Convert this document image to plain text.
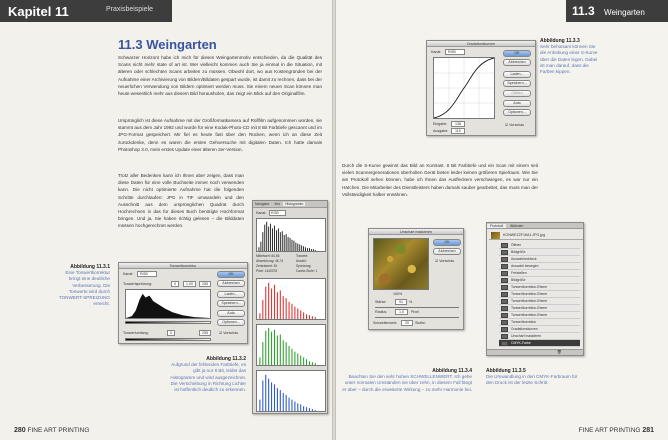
Kapitel 11	Praxisbeispiele
11.3 Weingarten
Schwarzer Horizont habe ich mich für dieses Weingartenmotiv entschieden, da die Qualität des Scans nicht mehr state of art ist. Wer vielleicht kommen auch Sie ja einmal in die Situation, mit älteren oder schlechten Scans arbeiten zu müssen. Obwohl dort, wo aus Kostengründen bei der Aufnahme einer Archivierung von Bildern/Bildaten gespart wurde, ist damit zu rechnen, dass bei der neuerlichen Verwendung von Bildern optimiert werden muss. Sie einem neuen Scan können man heute wesentlich mehr aus diesem Bild herausholen, das zeigt ein Blick auf den Originalfilm.
Ursprünglich ist diese Aufnahme mit der Großformatkamera auf Rollfilm aufgenommen worden, sie stammt aus dem Jahr 1992 und wurde für eine Kodak-Photo-CD mit 8 Bit Farbtiefe gescannt und im JPG-Format gespeichert. Mir fiel es heute fast über den Rücken, wenn ich an diese Zeit zurückdenke, denn es waren die ersten Gehversuche mit digitalen Daten. Ich hatte damals Photoshop 3.0, mein erstes Update einer älteren 2er-Version.
Trotz aller Bedenken kann ich Ihnen aber zeigen, dass man diese Daten für eine volle Buchseite immer noch verwenden kann. Die nicht optimierte Aufnahme hat die folgenden Schritte durchlaufen: JPG in TIF umwandeln und den Ausschnitt aus dem ursprünglichen Quadrat durch Hochrechnen in das für dieses Buch benötigte Hochformat bringen. Und ja, Sie haben richtig gelesen – die Bilddaten müssen hochgerechnet werden.
Abbildung 11.3.1
Eine Tonwertkorrektur bringt eine deutliche Verbesserung. Die Tonwerte wird durch TONWERT-SPREIZUNG erreicht.
Tonwertkorrektur
Kanal:	RGB
Tonwertspreizung:	0	1,00	255
Tonwertumfang:	0	255
OK
Abbrechen
Laden...
Speichern...
Auto
Optionen...
☑ Vorschau
Navigator Info Histogramm
Kanal:	RGB
Mittelwert: 84,56
Abweichung: 46,74
Zentralwert: 81
Pixel: 1440378
Tonwert:
Anzahl:
Spreizung:
Cache-Stufe: 1
Abbildung 11.3.2
Aufgrund der fehlenden Farbtiefe, es gibt ja nur 8 Bit, leidet das Histogramm und wird ausgezeichnet. Die Verschiebung in Richtung Lichter ist hoffentlich deutlich zu erkennen.
280 FINE ART PRINTING
11.3 Weingarten
Gradationskurven
Kanal:	RGB
Eingabe:	138
Ausgabe:	119
OK
Abbrechen
Laden...
Speichern...
Glätten
Auto
Optionen...
☑ Vorschau
Abbildung 11.3.3
Sehr behutsam können Sie die Anhebung einer S-Kurve über die Daten legen. Dabei ist man darauf, dass die Farben kippen.
Durch die S-Kurve gewinnt das Bild an Kontrast. 8 Bit Farbtiefe und ein Scan mit einem seit vielen Scannergenerationen überholten Gerät bieten leider keinen größeren Spielraum. Wie Sie am Protokoll sehen können, habe ich Ihnen das Ausfleckem verschwiegen, es war nur ein Härchen. Die Mitarbeiter des Dienstleisters haben damals sauber gearbeitet, das muss man der Vollständigkeit halber erwähnen.
Unscharf maskieren
100%
OK
Abbrechen
☑ Vorschau
Stärke:	91	%
Radius:	1,0	Pixel
Schwellenwert:	20	Stufen
Abbildung 11.3.4
Beachten Sie den sehr hohen SCHWELLENWERT. Ich gehe unter normalen Umständen nie über zehn, in diesem Fall fängt er aber – durch die erweiterte Wirkung – zu mehr Harmonie bei.
Protokoll Aktionen
KONWEZ2F16A1.JPG.jpg
Öffnen
Bildgröße
Auswahlrechteck
Auswahl bewegen
Freistellen
Bildgröße
Tonwertkorrektur-Ebene
Tonwertkorrektur-Ebene
Tonwertkorrektur-Ebene
Tonwertkorrektur-Ebene
Tonwertkorrektur-Ebene
Tonwertkorrektur
Gradationskurven
Unscharf maskieren
CMYK-Farbe
🗑
Abbildung 11.3.5
Die Umwandlung in den CMYK-Farbraum für den Druck ist der letzte Schritt.
FINE ART PRINTING 281
